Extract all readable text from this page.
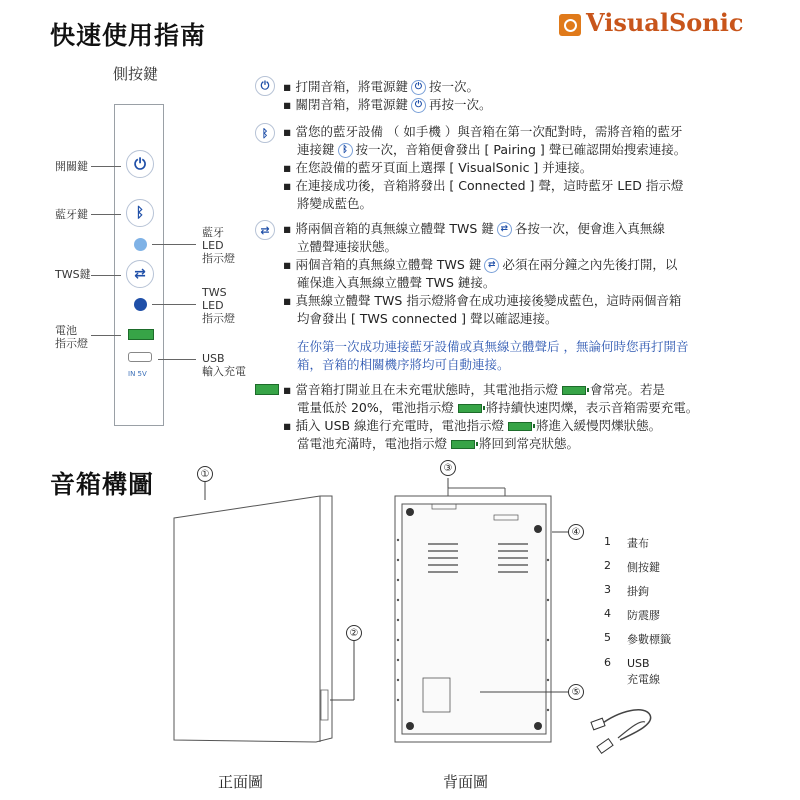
快速使用指南	VisualSonic
側按鍵
⏻
ᛒ
⇄
IN 5V
開關鍵
藍牙鍵
TWS鍵
電池
指示燈
藍牙
LED
指示燈
TWS
LED
指示燈
USB
輸入充電
⏻	▪ 打開音箱，將電源鍵 ⏻ 按一次。
▪ 關閉音箱，將電源鍵 ⏻ 再按一次。
ᛒ	▪ 當您的藍牙設備 （ 如手機 ）與音箱在第一次配對時，需將音箱的藍牙
連接鍵 ᛒ 按一次，音箱便會發出 [ Pairing ] 聲已確認開始搜索連接。
▪ 在您設備的藍牙頁面上選擇 [ VisualSonic ] 并連接。
▪ 在連接成功後，音箱將發出 [ Connected ] 聲，這時藍牙 LED 指示燈
將變成藍色。
⇄	▪ 將兩個音箱的真無線立體聲 TWS 鍵 ⇄ 各按一次，便會進入真無線
立體聲連接狀態。
▪ 兩個音箱的真無線立體聲 TWS 鍵 ⇄ 必須在兩分鐘之內先後打開，以
確保進入真無線立體聲 TWS 鏈接。
▪ 真無線立體聲 TWS 指示燈將會在成功連接後變成藍色，這時兩個音箱
均會發出 [ TWS connected ] 聲以確認連接。
在你第一次成功連接藍牙設備或真無線立體聲后 ，無論何時您再打開音
箱，音箱的相關機序將均可自動連接。
▪ 當音箱打開並且在未充電狀態時，其電池指示燈	會常亮。若是
電量低於 20%，電池指示燈	將持續快速閃爍，表示音箱需要充電。
▪ 插入 USB 線進行充電時，電池指示燈	將進入緩慢閃爍狀態。
當電池充滿時，電池指示燈	將回到常亮狀態。
音箱構圖	①
②
③
④
⑤
1 畫布
2 側按鍵
3 掛鉤
4 防震膠
5 參數標籤
6 USB
充電線
正面圖	背面圖
